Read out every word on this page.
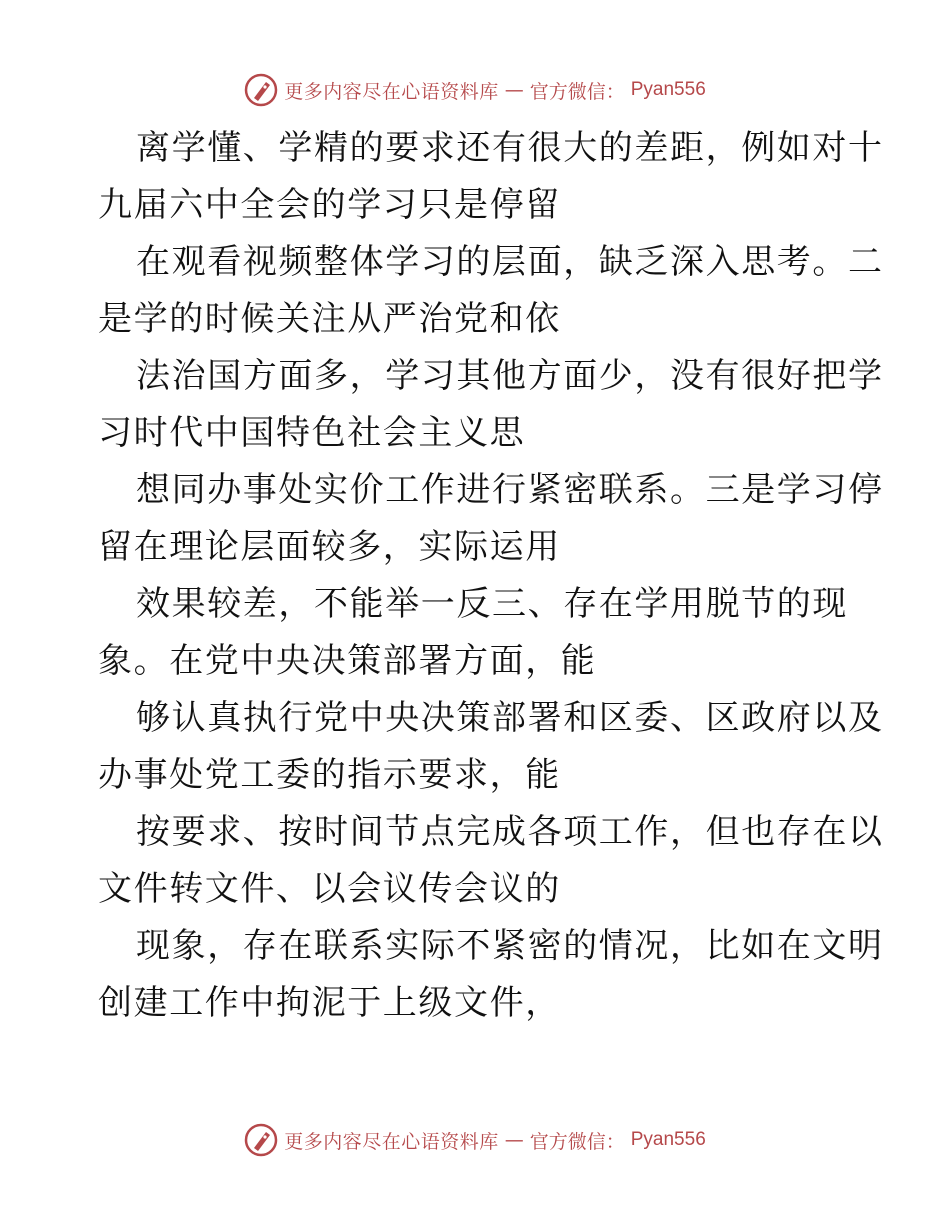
更多内容尽在心语资料库 — 官方微信： Pyan556

离学懂、学精的要求还有很大的差距，例如对十
九届六中全会的学习只是停留

在观看视频整体学习的层面，缺乏深入思考。二
是学的时候关注从严治党和依

法治国方面多，学习其他方面少，没有很好把学
习时代中国特色社会主义思

想同办事处实价工作进行紧密联系。三是学习停
留在理论层面较多，实际运用

效果较差，不能举一反三、存在学用脱节的现
象。在党中央决策部署方面，能

够认真执行党中央决策部署和区委、区政府以及
办事处党工委的指示要求，能

按要求、按时间节点完成各项工作，但也存在以
文件转文件、以会议传会议的

现象，存在联系实际不紧密的情况，比如在文明
创建工作中拘泥于上级文件，

更多内容尽在心语资料库 — 官方微信： Pyan556
